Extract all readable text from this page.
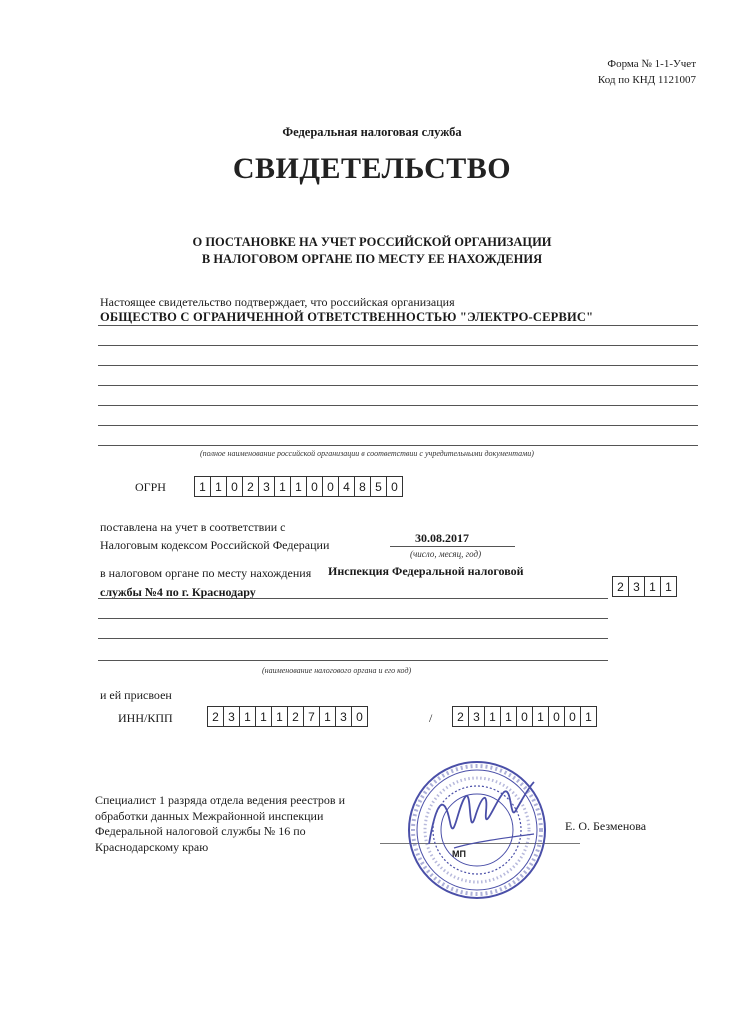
Форма № 1-1-Учет
Код по КНД 1121007
Федеральная налоговая служба
СВИДЕТЕЛЬСТВО
О ПОСТАНОВКЕ НА УЧЕТ РОССИЙСКОЙ ОРГАНИЗАЦИИ
В НАЛОГОВОМ ОРГАНЕ ПО МЕСТУ ЕЕ НАХОЖДЕНИЯ
Настоящее свидетельство подтверждает, что российская организация
ОБЩЕСТВО С ОГРАНИЧЕННОЙ ОТВЕТСТВЕННОСТЬЮ "ЭЛЕКТРО-СЕРВИС"
(полное наименование российской организации в соответствии с учредительными документами)
ОГРН	1 1 0 2 3 1 1 0 0 4 8 5 0
поставлена на учет в соответствии с
Налоговым кодексом Российской Федерации	30.08.2017
(число, месяц, год)
в налоговом органе по месту нахождения Инспекция Федеральной налоговой
службы №4 по г. Краснодару	2 3 1 1
(наименование налогового органа и его код)
и ей присвоен
ИНН/КПП	2 3 1 1 1 2 7 1 3 0	/	2 3 1 1 0 1 0 0 1
Специалист 1 разряда отдела ведения реестров и
обработки данных Межрайонной инспекции
Федеральной налоговой службы № 16 по
Краснодарскому краю
Е. О. Безменова
МП
